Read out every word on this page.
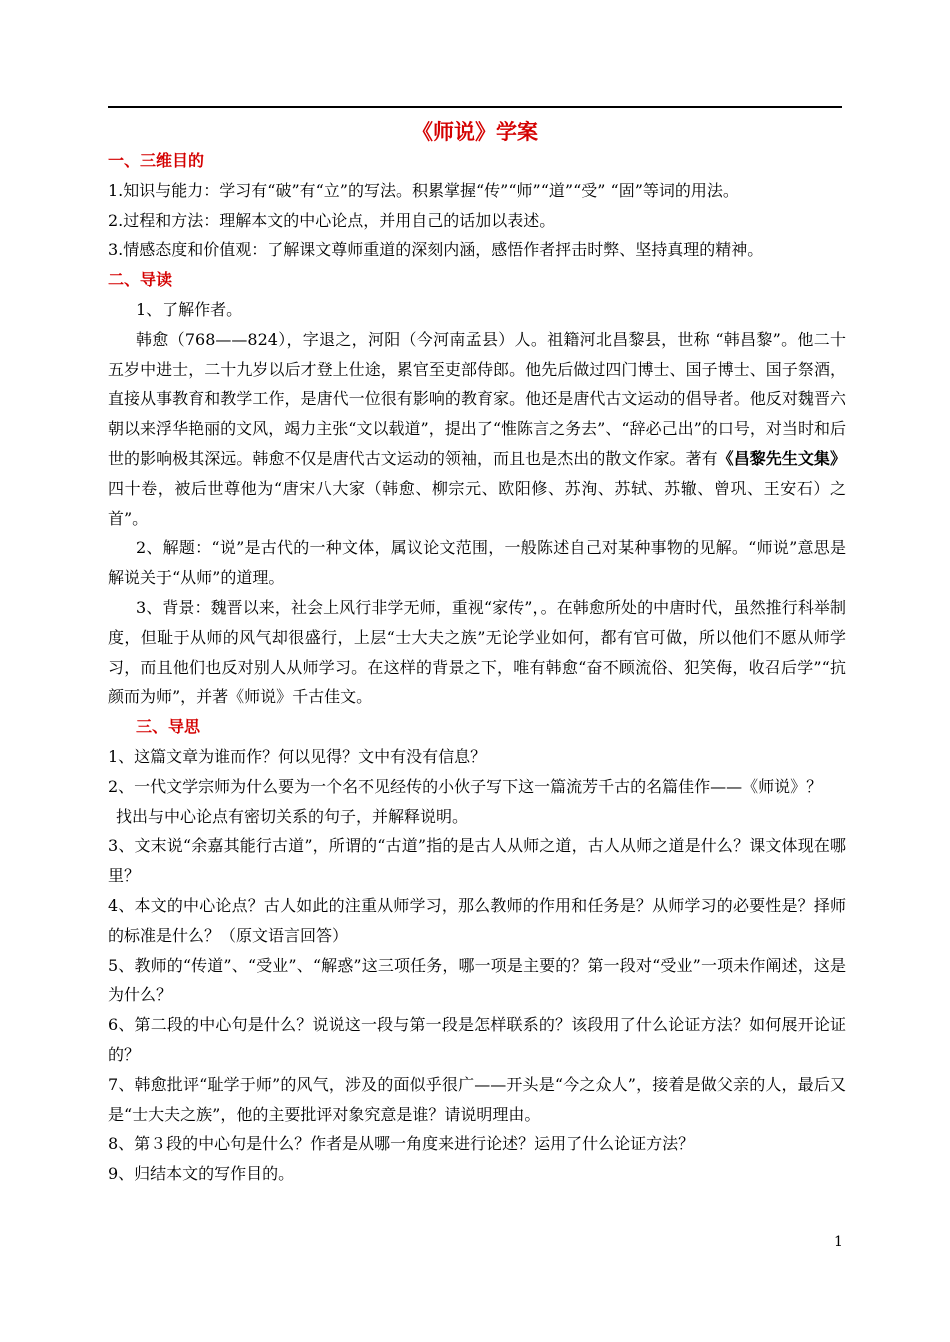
《师说》学案

一、三维目的

1.知识与能力：学习有“破”有“立”的写法。积累掌握“传”“师”“道”“受” “固”等词的用法。

2.过程和方法：理解本文的中心论点，并用自己的话加以表述。

3.情感态度和价值观：了解课文尊师重道的深刻内涵，感悟作者抨击时弊、坚持真理的精神。

二、导读

1、了解作者。

韩愈（768——824），字退之，河阳（今河南孟县）人。祖籍河北昌黎县，世称 “韩昌黎”。他二十五岁中进士，二十九岁以后才登上仕途，累官至吏部侍郎。他先后做过四门博士、国子博士、国子祭酒，直接从事教育和教学工作，是唐代一位很有影响的教育家。他还是唐代古文运动的倡导者。他反对魏晋六朝以来浮华艳丽的文风，竭力主张“文以载道”，提出了“惟陈言之务去”、“辞必己出”的口号，对当时和后世的影响极其深远。韩愈不仅是唐代古文运动的领袖，而且也是杰出的散文作家。著有《昌黎先生文集》四十卷，被后世尊他为“唐宋八大家（韩愈、柳宗元、欧阳修、苏洵、苏轼、苏辙、曾巩、王安石）之首”。

2、解题：“说”是古代的一种文体，属议论文范围，一般陈述自己对某种事物的见解。“师说”意思是解说关于“从师”的道理。

3、背景：魏晋以来，社会上风行非学无师，重视“家传”，。在韩愈所处的中唐时代，虽然推行科举制度，但耻于从师的风气却很盛行，上层“士大夫之族”无论学业如何，都有官可做，所以他们不愿从师学习，而且他们也反对别人从师学习。在这样的背景之下，唯有韩愈“奋不顾流俗、犯笑侮，收召后学”“抗颜而为师”，并著《师说》千古佳文。

三、导思

1、这篇文章为谁而作？何以见得？文中有没有信息？

2、一代文学宗师为什么要为一个名不见经传的小伙子写下这一篇流芳千古的名篇佳作——《师说》？

找出与中心论点有密切关系的句子，并解释说明。

3、文末说“余嘉其能行古道”，所谓的“古道”指的是古人从师之道，古人从师之道是什么？课文体现在哪里？

4、本文的中心论点？古人如此的注重从师学习，那么教师的作用和任务是？从师学习的必要性是？择师的标准是什么？（原文语言回答）

5、教师的“传道”、“受业”、“解惑”这三项任务，哪一项是主要的？第一段对“受业”一项未作阐述，这是为什么？

6、第二段的中心句是什么？说说这一段与第一段是怎样联系的？该段用了什么论证方法？如何展开论证的？

7、韩愈批评“耻学于师”的风气，涉及的面似乎很广——开头是“今之众人”，接着是做父亲的人，最后又是“士大夫之族”，他的主要批评对象究意是谁？请说明理由。

8、第３段的中心句是什么？作者是从哪一角度来进行论述？运用了什么论证方法？

9、归结本文的写作目的。

1
